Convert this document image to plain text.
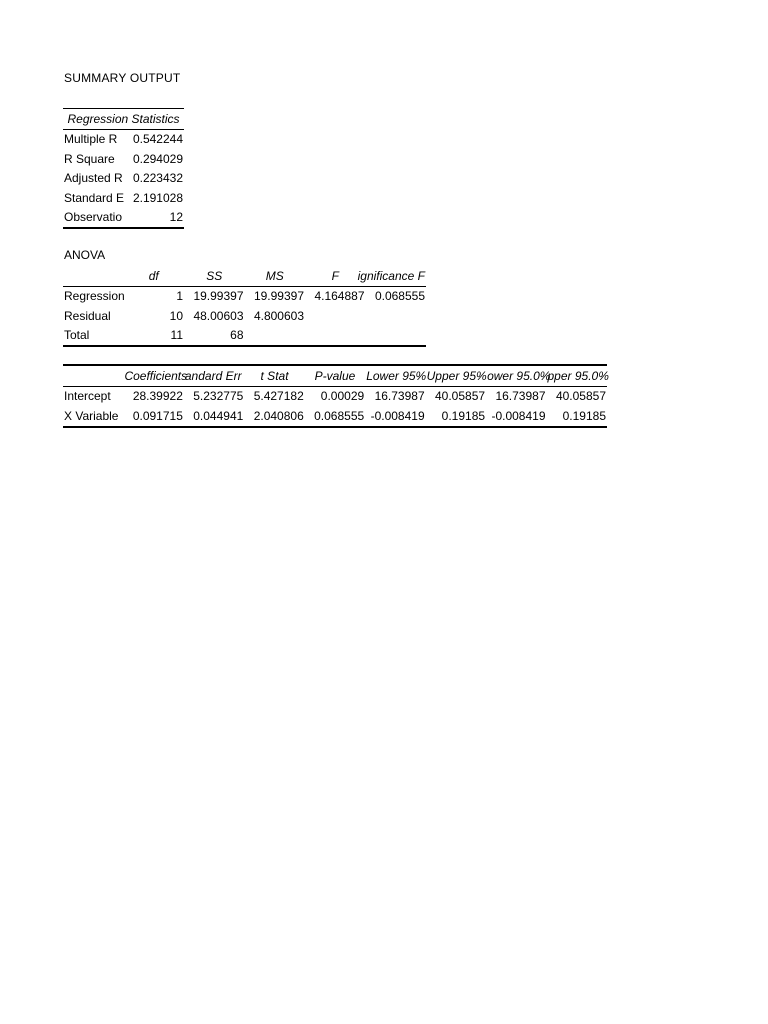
SUMMARY OUTPUT
Regression Statistics	
Multiple R	0.542244
R Square	0.294029
Adjusted R	0.223432
Standard E	2.191028
Observatio	12
ANOVA
	df	SS	MS	F	ignificance F
Regression	1	19.99397	19.99397	4.164887	0.068555
Residual	10	48.00603	4.800603		
Total	11	68			
	Coefficients	andard Err	t Stat	P-value	Lower 95%	Upper 95%	ower 95.0%	pper 95.0%
Intercept	28.39922	5.232775	5.427182	0.00029	16.73987	40.05857	16.73987	40.05857
X Variable	0.091715	0.044941	2.040806	0.068555	-0.008419	0.19185	-0.008419	0.19185
